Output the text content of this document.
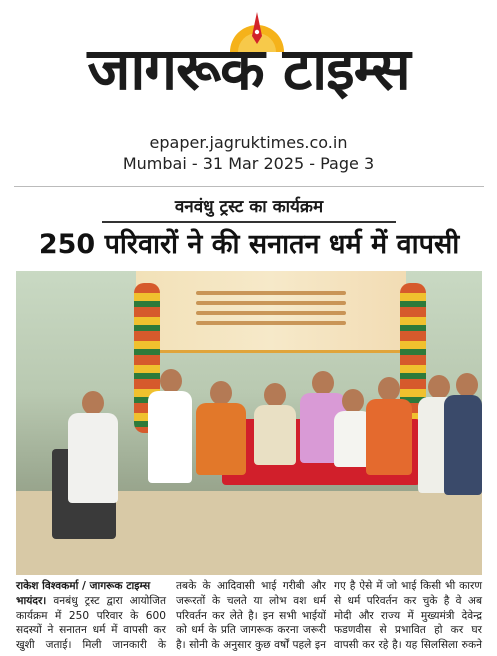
जागरूक टाइम्स
epaper.jagruktimes.co.in
Mumbai - 31 Mar 2025 - Page 3
वनवंधु ट्रस्ट का कार्यक्रम
250 परिवारों ने की सनातन धर्म में वापसी
राकेश विश्वकर्मा / जागरूक टाइम्स
भायंदर। वनबंधु ट्रस्ट द्वारा आयोजित कार्यक्रम में 250 परिवार के 600 सदस्यों ने सनातन धर्म में वापसी कर खुशी जताई। मिली जानकारी के
तबके के आदिवासी भाई गरीबी और जरूरतों के चलते या लोभ वश धर्म परिवर्तन कर लेते है। इन सभी भाईयों को धर्म के प्रति जागरूक करना जरूरी है। सोनी के अनुसार कुछ वर्षों पहले इन
गए है ऐसे में जो भाई किसी भी कारण से धर्म परिवर्तन कर चुके है वे अब मोदी और राज्य में मुख्यमंत्री देवेन्द्र फडणवीस से प्रभावित हो कर घर वापसी कर रहे है। यह सिलसिला रुकने
